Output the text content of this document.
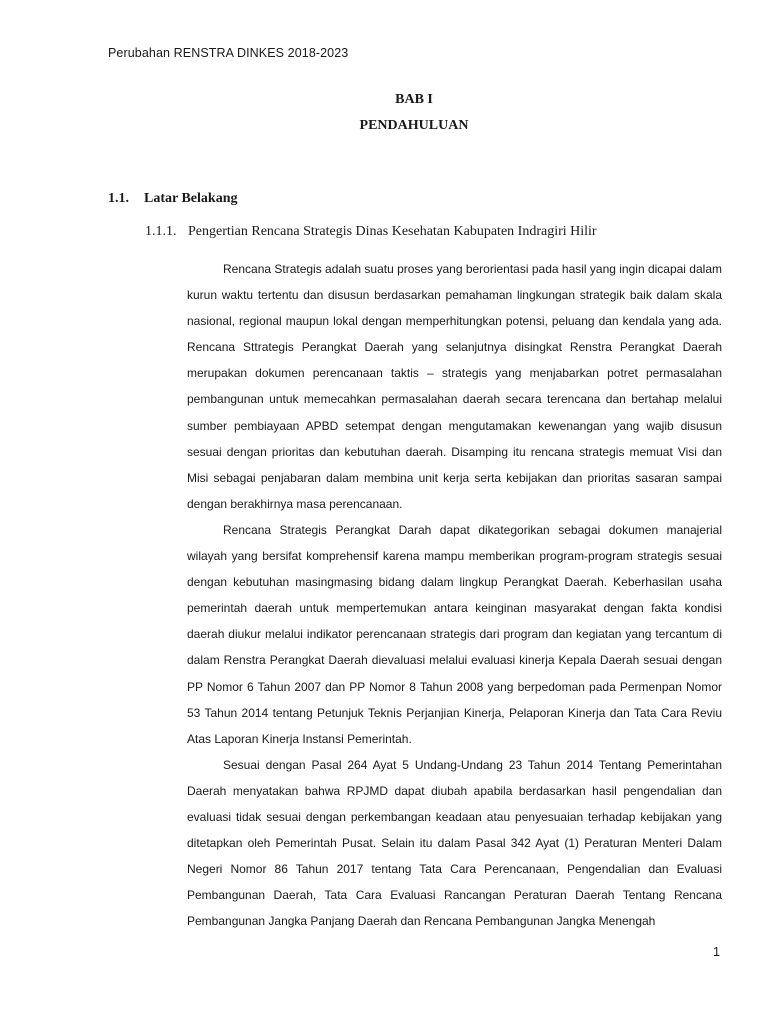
Perubahan RENSTRA DINKES 2018-2023
BAB I
PENDAHULUAN
1.1. Latar Belakang
1.1.1. Pengertian Rencana Strategis Dinas Kesehatan Kabupaten Indragiri Hilir

Rencana Strategis adalah suatu proses yang berorientasi pada hasil yang ingin dicapai dalam kurun waktu tertentu dan disusun berdasarkan pemahaman lingkungan strategik baik dalam skala nasional, regional maupun lokal dengan memperhitungkan potensi, peluang dan kendala yang ada. Rencana Sttrategis Perangkat Daerah yang selanjutnya disingkat Renstra Perangkat Daerah merupakan dokumen perencanaan taktis – strategis yang menjabarkan potret permasalahan pembangunan untuk memecahkan permasalahan daerah secara terencana dan bertahap melalui sumber pembiayaan APBD setempat dengan mengutamakan kewenangan yang wajib disusun sesuai dengan prioritas dan kebutuhan daerah. Disamping itu rencana strategis memuat Visi dan Misi sebagai penjabaran dalam membina unit kerja serta kebijakan dan prioritas sasaran sampai dengan berakhirnya masa perencanaan.

Rencana Strategis Perangkat Darah dapat dikategorikan sebagai dokumen manajerial wilayah yang bersifat komprehensif karena mampu memberikan program-program strategis sesuai dengan kebutuhan masingmasing bidang dalam lingkup Perangkat Daerah. Keberhasilan usaha pemerintah daerah untuk mempertemukan antara keinginan masyarakat dengan fakta kondisi daerah diukur melalui indikator perencanaan strategis dari program dan kegiatan yang tercantum di dalam Renstra Perangkat Daerah dievaluasi melalui evaluasi kinerja Kepala Daerah sesuai dengan PP Nomor 6 Tahun 2007 dan PP Nomor 8 Tahun 2008 yang berpedoman pada Permenpan Nomor 53 Tahun 2014 tentang Petunjuk Teknis Perjanjian Kinerja, Pelaporan Kinerja dan Tata Cara Reviu Atas Laporan Kinerja Instansi Pemerintah.

Sesuai dengan Pasal 264 Ayat 5 Undang-Undang 23 Tahun 2014 Tentang Pemerintahan Daerah menyatakan bahwa RPJMD dapat diubah apabila berdasarkan hasil pengendalian dan evaluasi tidak sesuai dengan perkembangan keadaan atau penyesuaian terhadap kebijakan yang ditetapkan oleh Pemerintah Pusat. Selain itu dalam Pasal 342 Ayat (1) Peraturan Menteri Dalam Negeri Nomor 86 Tahun 2017 tentang Tata Cara Perencanaan, Pengendalian dan Evaluasi Pembangunan Daerah, Tata Cara Evaluasi Rancangan Peraturan Daerah Tentang Rencana Pembangunan Jangka Panjang Daerah dan Rencana Pembangunan Jangka Menengah

1
